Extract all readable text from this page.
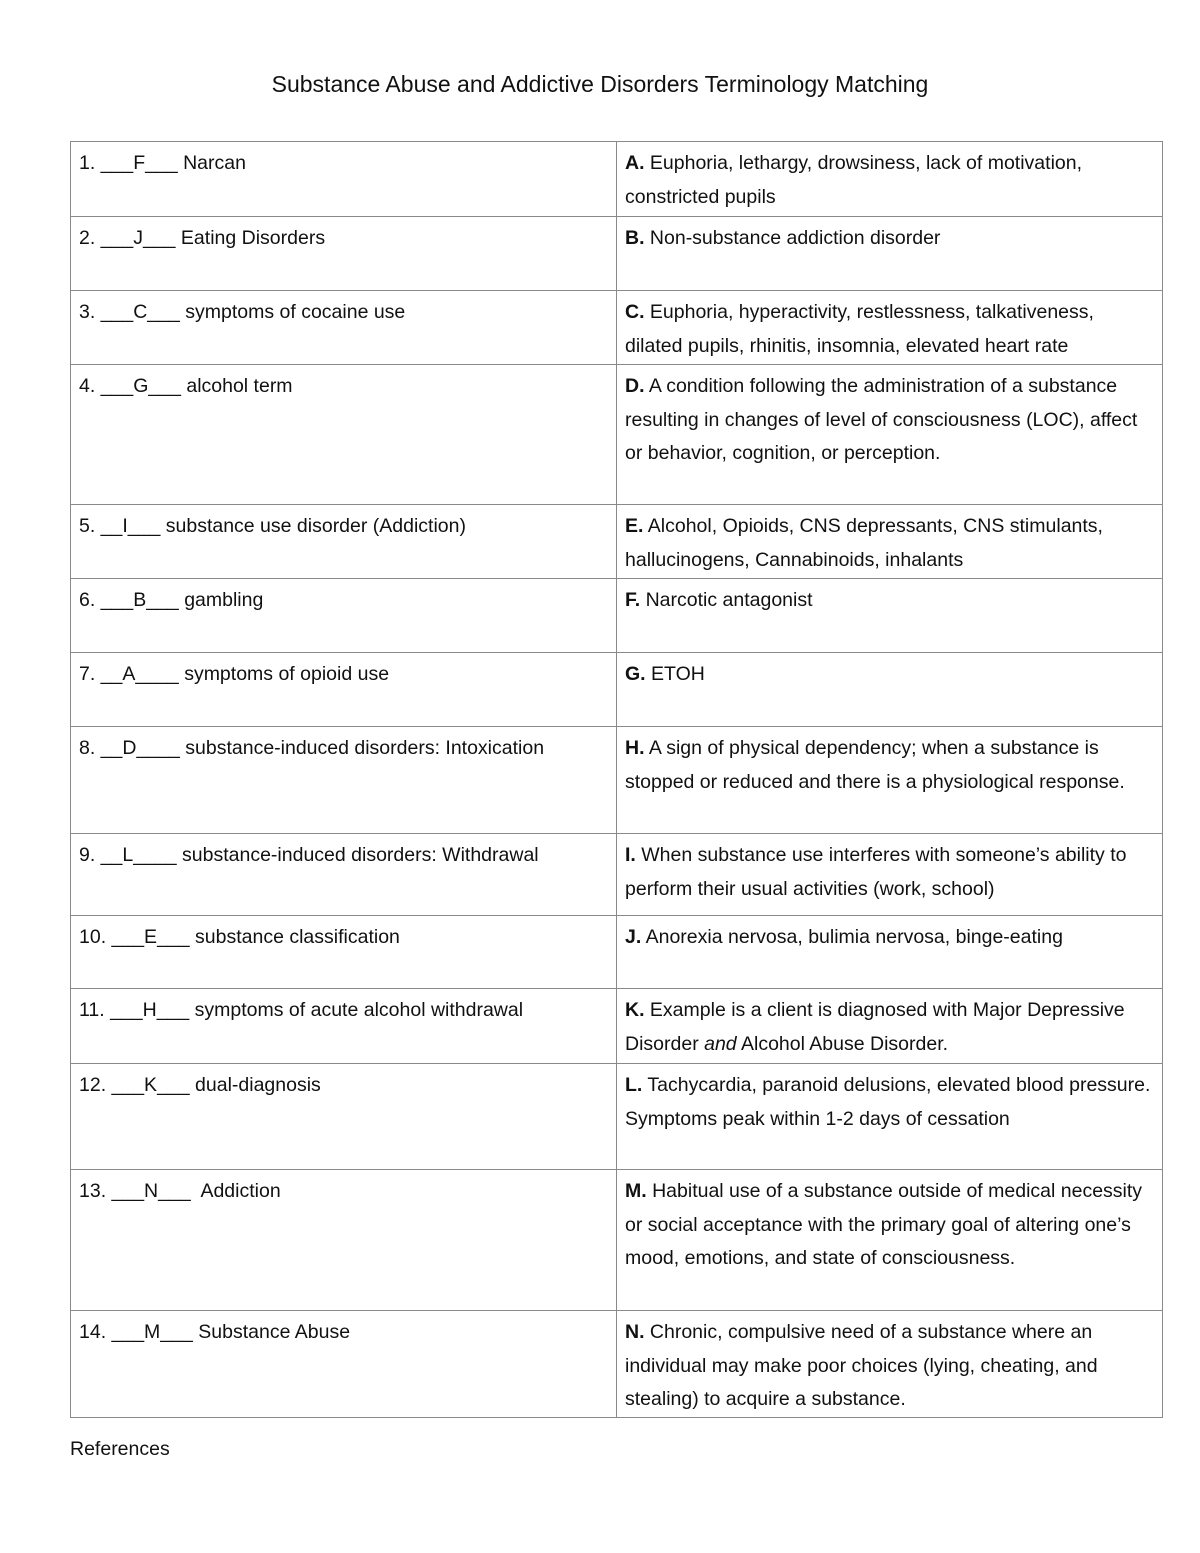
Substance Abuse and Addictive Disorders Terminology Matching
1. ___F___ Narcan	A. Euphoria, lethargy, drowsiness, lack of motivation, constricted pupils
2. ___J___ Eating Disorders	B. Non-substance addiction disorder
3. ___C___ symptoms of cocaine use	C. Euphoria, hyperactivity, restlessness, talkativeness, dilated pupils, rhinitis, insomnia, elevated heart rate
4. ___G___ alcohol term	D. A condition following the administration of a substance resulting in changes of level of consciousness (LOC), affect or behavior, cognition, or perception.
5. __I___ substance use disorder (Addiction)	E. Alcohol, Opioids, CNS depressants, CNS stimulants, hallucinogens, Cannabinoids, inhalants
6. ___B___ gambling	F. Narcotic antagonist
7. __A____ symptoms of opioid use	G. ETOH
8. __D____ substance-induced disorders: Intoxication	H. A sign of physical dependency; when a substance is stopped or reduced and there is a physiological response.
9. __L____ substance-induced disorders: Withdrawal	I. When substance use interferes with someone’s ability to perform their usual activities (work, school)
10. ___E___ substance classification	J. Anorexia nervosa, bulimia nervosa, binge-eating
11. ___H___ symptoms of acute alcohol withdrawal	K. Example is a client is diagnosed with Major Depressive Disorder and Alcohol Abuse Disorder.
12. ___K___ dual-diagnosis	L. Tachycardia, paranoid delusions, elevated blood pressure. Symptoms peak within 1-2 days of cessation
13. ___N___  Addiction	M. Habitual use of a substance outside of medical necessity or social acceptance with the primary goal of altering one’s mood, emotions, and state of consciousness.
14. ___M___ Substance Abuse	N. Chronic, compulsive need of a substance where an individual may make poor choices (lying, cheating, and stealing) to acquire a substance.
References
